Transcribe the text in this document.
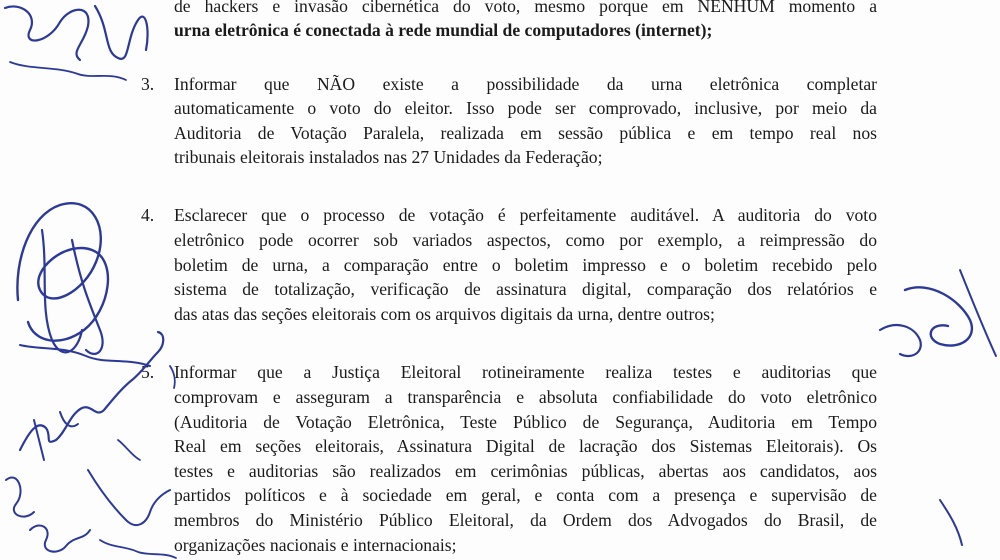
de hackers e invasão cibernética do voto, mesmo porque em NENHUM momento a
urna eletrônica é conectada à rede mundial de computadores (internet);
3. Informar que NÃO existe a possibilidade da urna eletrônica completar
automaticamente o voto do eleitor. Isso pode ser comprovado, inclusive, por meio da
Auditoria de Votação Paralela, realizada em sessão pública e em tempo real nos
tribunais eleitorais instalados nas 27 Unidades da Federação;
4. Esclarecer que o processo de votação é perfeitamente auditável. A auditoria do voto
eletrônico pode ocorrer sob variados aspectos, como por exemplo, a reimpressão do
boletim de urna, a comparação entre o boletim impresso e o boletim recebido pelo
sistema de totalização, verificação de assinatura digital, comparação dos relatórios e
das atas das seções eleitorais com os arquivos digitais da urna, dentre outros;
5. Informar que a Justiça Eleitoral rotineiramente realiza testes e auditorias que
comprovam e asseguram a transparência e absoluta confiabilidade do voto eletrônico
(Auditoria de Votação Eletrônica, Teste Público de Segurança, Auditoria em Tempo
Real em seções eleitorais, Assinatura Digital de lacração dos Sistemas Eleitorais). Os
testes e auditorias são realizados em cerimônias públicas, abertas aos candidatos, aos
partidos políticos e à sociedade em geral, e conta com a presença e supervisão de
membros do Ministério Público Eleitoral, da Ordem dos Advogados do Brasil, de
organizações nacionais e internacionais;
